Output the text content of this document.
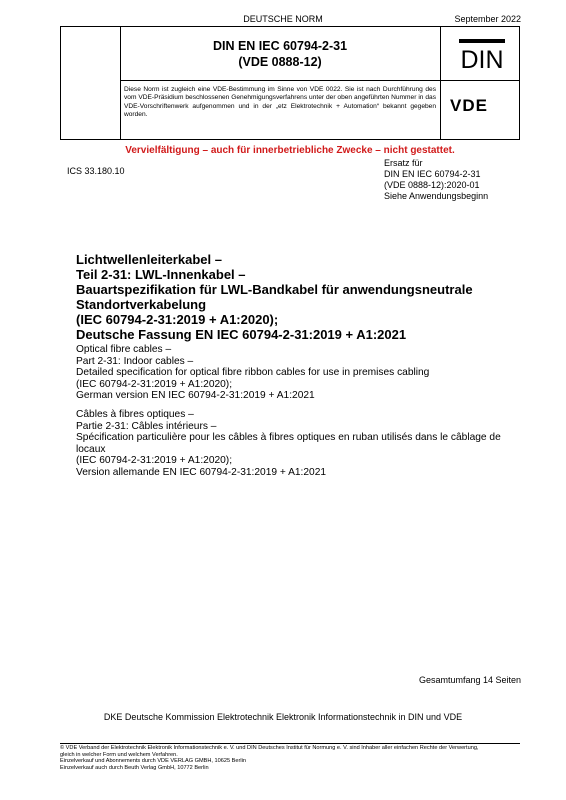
DEUTSCHE NORM	September 2022
DIN EN IEC 60794-2-31
(VDE 0888-12)
Diese Norm ist zugleich eine VDE-Bestimmung im Sinne von VDE 0022. Sie ist nach Durchführung des vom VDE-Präsidium beschlossenen Genehmigungsverfahrens unter der oben angeführten Nummer in das VDE-Vorschriftenwerk aufgenommen und in der „etz Elektrotechnik + Automation“ bekannt gegeben worden.
DIN
VDE
Vervielfältigung – auch für innerbetriebliche Zwecke – nicht gestattet.
ICS 33.180.10
Ersatz für
DIN EN IEC 60794-2-31
(VDE 0888-12):2020-01
Siehe Anwendungsbeginn
Lichtwellenleiterkabel –
Teil 2-31: LWL-Innenkabel –
Bauartspezifikation für LWL-Bandkabel für anwendungsneutrale
Standortverkabelung
(IEC 60794-2-31:2019 + A1:2020);
Deutsche Fassung EN IEC 60794-2-31:2019 + A1:2021
Optical fibre cables –
Part 2-31: Indoor cables –
Detailed specification for optical fibre ribbon cables for use in premises cabling
(IEC 60794-2-31:2019 + A1:2020);
German version EN IEC 60794-2-31:2019 + A1:2021
Câbles à fibres optiques –
Partie 2-31: Câbles intérieurs –
Spécification particulière pour les câbles à fibres optiques en ruban utilisés dans le câblage de locaux
(IEC 60794-2-31:2019 + A1:2020);
Version allemande EN IEC 60794-2-31:2019 + A1:2021
Gesamtumfang 14 Seiten
DKE Deutsche Kommission Elektrotechnik Elektronik Informationstechnik in DIN und VDE
© VDE Verband der Elektrotechnik Elektronik Informationstechnik e. V. und DIN Deutsches Institut für Normung e. V. sind Inhaber aller einfachen Rechte der Verwertung,
gleich in welcher Form und welchem Verfahren.
Einzelverkauf und Abonnements durch VDE VERLAG GMBH, 10625 Berlin
Einzelverkauf auch durch Beuth Verlag GmbH, 10772 Berlin
